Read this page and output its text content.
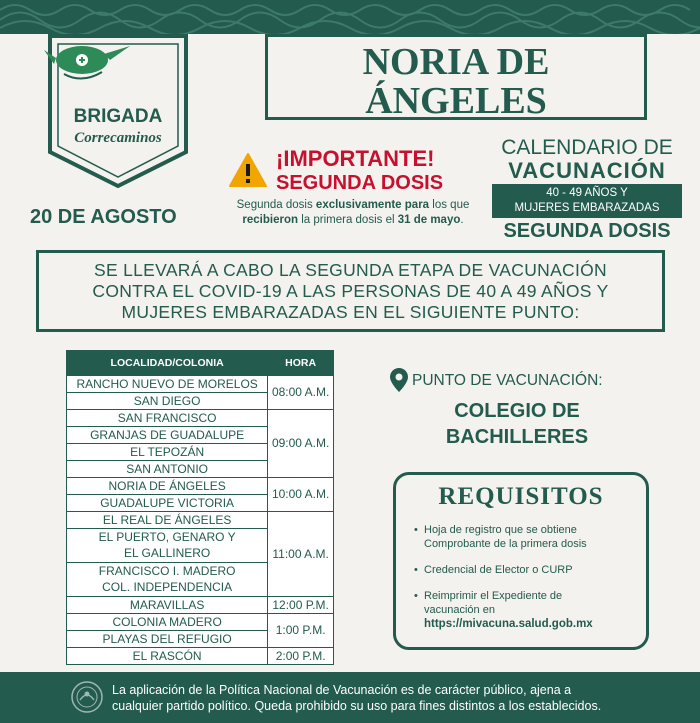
BRIGADA
Correcaminos
20 DE AGOSTO
NORIA DE
ÁNGELES
¡IMPORTANTE!
SEGUNDA DOSIS
Segunda dosis exclusivamente para los que
recibieron la primera dosis el 31 de mayo.
CALENDARIO DE
VACUNACIÓN
40 - 49 AÑOS Y
MUJERES EMBARAZADAS
SEGUNDA DOSIS
SE LLEVARÁ A CABO LA SEGUNDA ETAPA DE VACUNACIÓN
CONTRA EL COVID-19 A LAS PERSONAS DE 40 A 49 AÑOS Y
MUJERES EMBARAZADAS EN EL SIGUIENTE PUNTO:
LOCALIDAD/COLONIA	HORA
RANCHO NUEVO DE MORELOS	08:00 A.M.
SAN DIEGO	
SAN FRANCISCO	09:00 A.M.
GRANJAS DE GUADALUPE	
EL TEPOZÁN	
SAN ANTONIO	
NORIA DE ÁNGELES	10:00 A.M.
GUADALUPE VICTORIA	
EL REAL DE ÁNGELES	11:00 A.M.
EL PUERTO, GENARO Y	
EL GALLINERO	
FRANCISCO I. MADERO	
COL. INDEPENDENCIA	
MARAVILLAS	12:00 P.M.
COLONIA MADERO	1:00 P.M.
PLAYAS DEL REFUGIO	
EL RASCÓN	2:00 P.M.
PUNTO DE VACUNACIÓN:
COLEGIO DE
BACHILLERES
REQUISITOS
• Hoja de registro que se obtiene
Comprobante de la primera dosis
• Credencial de Elector o CURP
• Reimprimir el Expediente de
vacunación en
https://mivacuna.salud.gob.mx
La aplicación de la Política Nacional de Vacunación es de carácter público, ajena a
cualquier partido político. Queda prohibido su uso para fines distintos a los establecidos.
